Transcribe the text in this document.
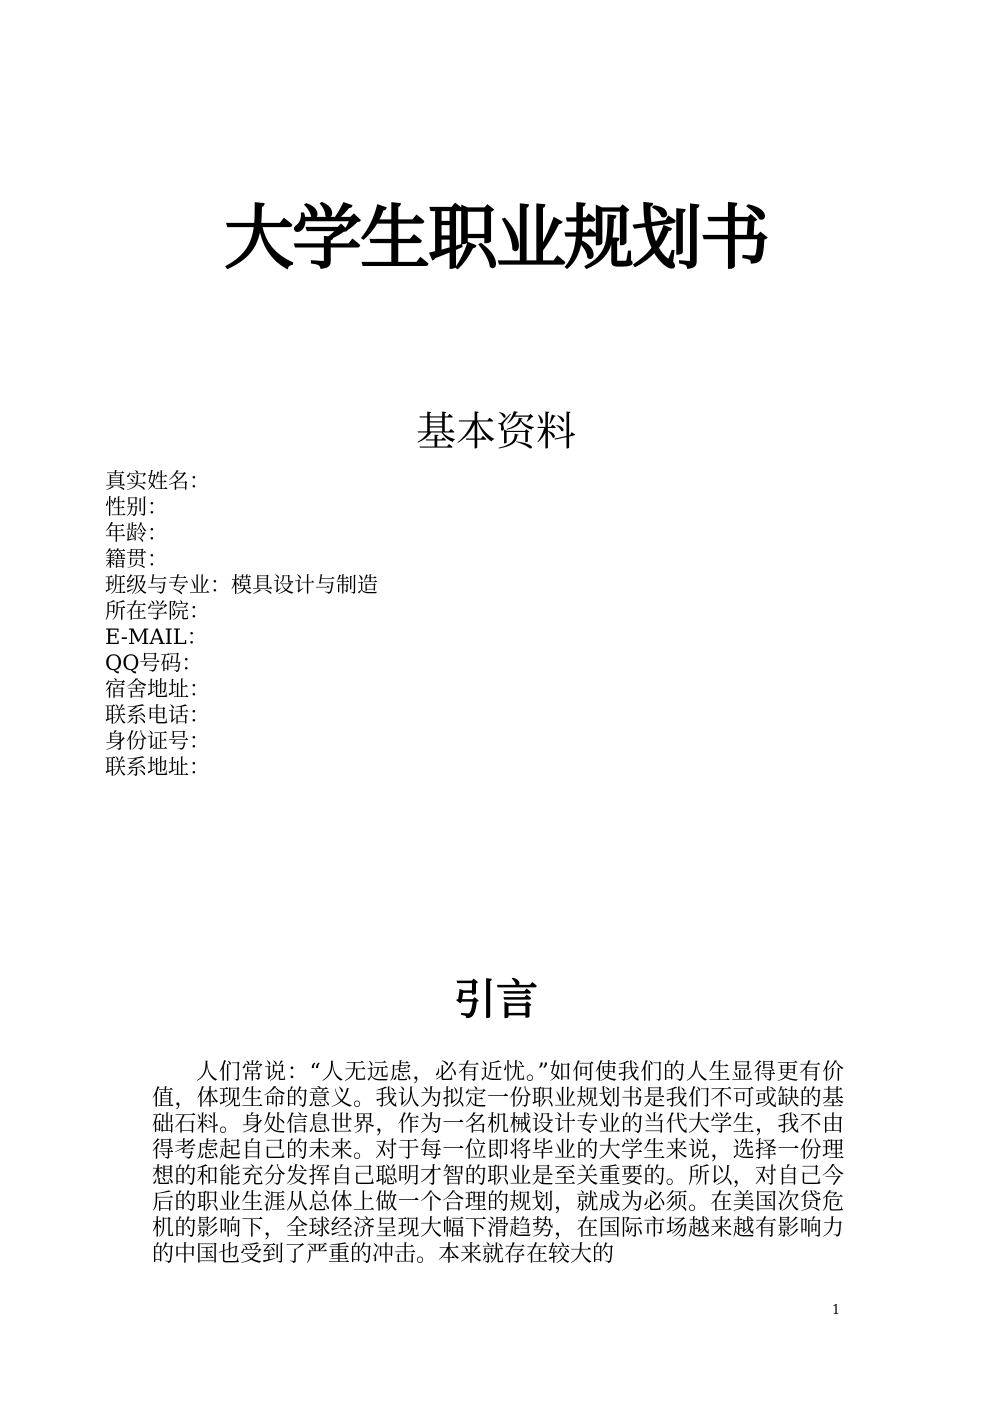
大学生职业规划书
基本资料
真实姓名：
性别：
年龄：
籍贯：
班级与专业：模具设计与制造
所在学院：
E-MAIL：
QQ号码：
宿舍地址：
联系电话：
身份证号：
联系地址：
引言

人们常说：“人无远虑，必有近忧。”如何使我们的人生显得更有价值，体现生命的意义。我认为拟定一份职业规划书是我们不可或缺的基础石料。身处信息世界，作为一名机械设计专业的当代大学生，我不由得考虑起自己的未来。对于每一位即将毕业的大学生来说，选择一份理想的和能充分发挥自己聪明才智的职业是至关重要的。所以，对自己今后的职业生涯从总体上做一个合理的规划，就成为必须。在美国次贷危机的影响下，全球经济呈现大幅下滑趋势，在国际市场越来越有影响力的中国也受到了严重的冲击。本来就存在较大的

1
